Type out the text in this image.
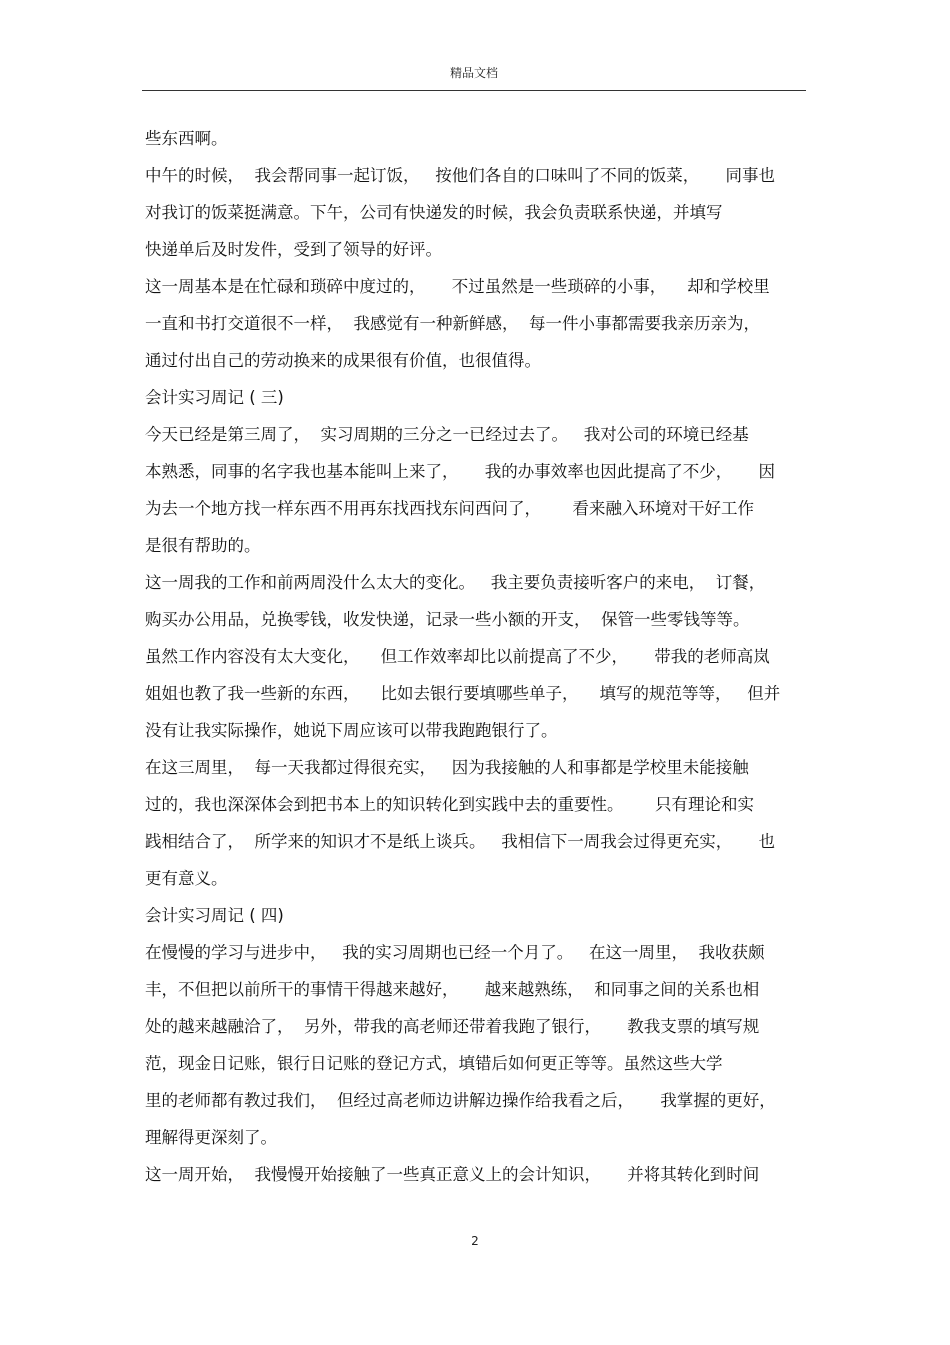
精品文档
些东西啊。
中午的时候，  我会帮同事一起订饭，   按他们各自的口味叫了不同的饭菜，     同事也
对我订的饭菜挺满意。下午，公司有快递发的时候，我会负责联系快递，并填写
快递单后及时发件，受到了领导的好评。
这一周基本是在忙碌和琐碎中度过的，     不过虽然是一些琐碎的小事，    却和学校里
一直和书打交道很不一样，  我感觉有一种新鲜感，  每一件小事都需要我亲历亲为，
通过付出自己的劳动换来的成果很有价值，也很值得。
会计实习周记 ( 三)
今天已经是第三周了，  实习周期的三分之一已经过去了。   我对公司的环境已经基
本熟悉，同事的名字我也基本能叫上来了，     我的办事效率也因此提高了不少，     因
为去一个地方找一样东西不用再东找西找东问西问了，      看来融入环境对干好工作
是很有帮助的。
这一周我的工作和前两周没什么太大的变化。   我主要负责接听客户的来电，  订餐，
购买办公用品，兑换零钱，收发快递，记录一些小额的开支，  保管一些零钱等等。
虽然工作内容没有太大变化，    但工作效率却比以前提高了不少，     带我的老师高岚
姐姐也教了我一些新的东西，    比如去银行要填哪些单子，    填写的规范等等，   但并
没有让我实际操作，她说下周应该可以带我跑跑银行了。
在这三周里，  每一天我都过得很充实，   因为我接触的人和事都是学校里未能接触
过的，我也深深体会到把书本上的知识转化到实践中去的重要性。      只有理论和实
践相结合了，  所学来的知识才不是纸上谈兵。   我相信下一周我会过得更充实，     也
更有意义。
会计实习周记 ( 四)
在慢慢的学习与进步中，   我的实习周期也已经一个月了。   在这一周里，  我收获颇
丰，不但把以前所干的事情干得越来越好，     越来越熟练，  和同事之间的关系也相
处的越来越融洽了，  另外，带我的高老师还带着我跑了银行，     教我支票的填写规
范，现金日记账，银行日记账的登记方式，填错后如何更正等等。虽然这些大学
里的老师都有教过我们，  但经过高老师边讲解边操作给我看之后，     我掌握的更好，
理解得更深刻了。
这一周开始，  我慢慢开始接触了一些真正意义上的会计知识，     并将其转化到时间
2
